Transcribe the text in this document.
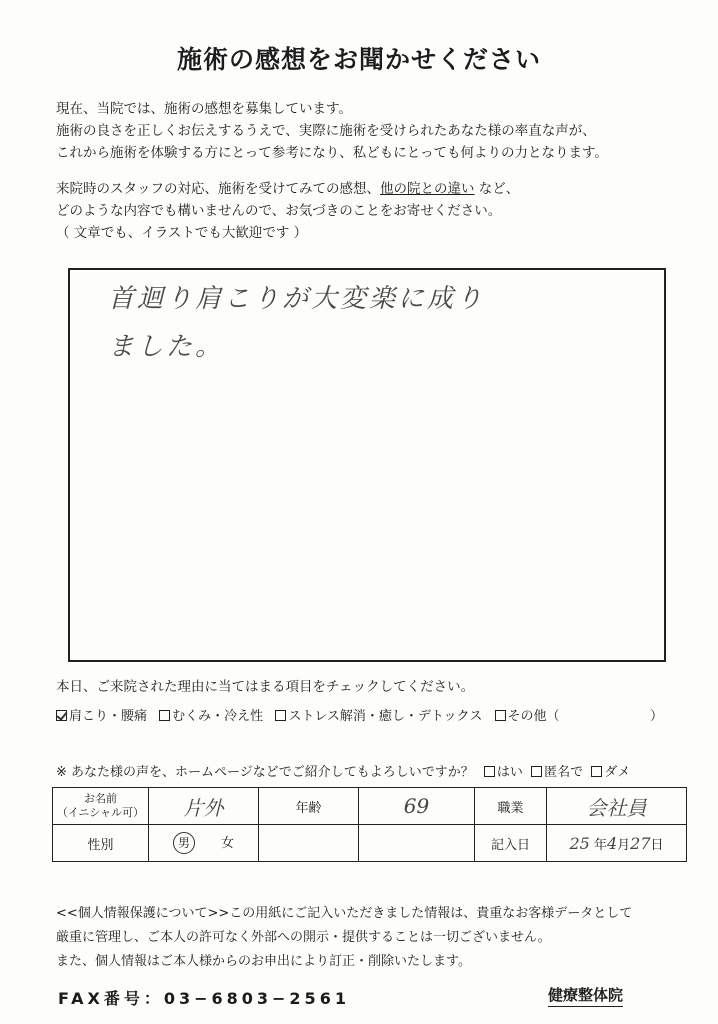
施術の感想をお聞かせください
現在、当院では、施術の感想を募集しています。
施術の良さを正しくお伝えするうえで、実際に施術を受けられたあなた様の率直な声が、
これから施術を体験する方にとって参考になり、私どもにとっても何よりの力となります。
来院時のスタッフの対応、施術を受けてみての感想、他の院との違い など、
どのような内容でも構いませんので、お気づきのことをお寄せください。
（ 文章でも、イラストでも大歓迎です ）
首迴り肩こりが大変楽に成り
ました。
本日、ご来院された理由に当てはまる項目をチェックしてください。
肩こり・腰痛 むくみ・冷え性 ストレス解消・癒し・デトックス その他（	）
※ あなた様の声を、ホームページなどでご紹介してもよろしいですか？ はい 匿名で ダメ
お名前
（イニシャル可）	片外	年齢	69	職業	会社員
性別	男 女			記入日	25 年4月27日
<<個人情報保護について>>この用紙にご記入いただきました情報は、貴重なお客様データとして
厳重に管理し、ご本人の許可なく外部への開示・提供することは一切ございません。
また、個人情報はご本人様からのお申出により訂正・削除いたします。
FAX番号：03−6803−2561	健療整体院
